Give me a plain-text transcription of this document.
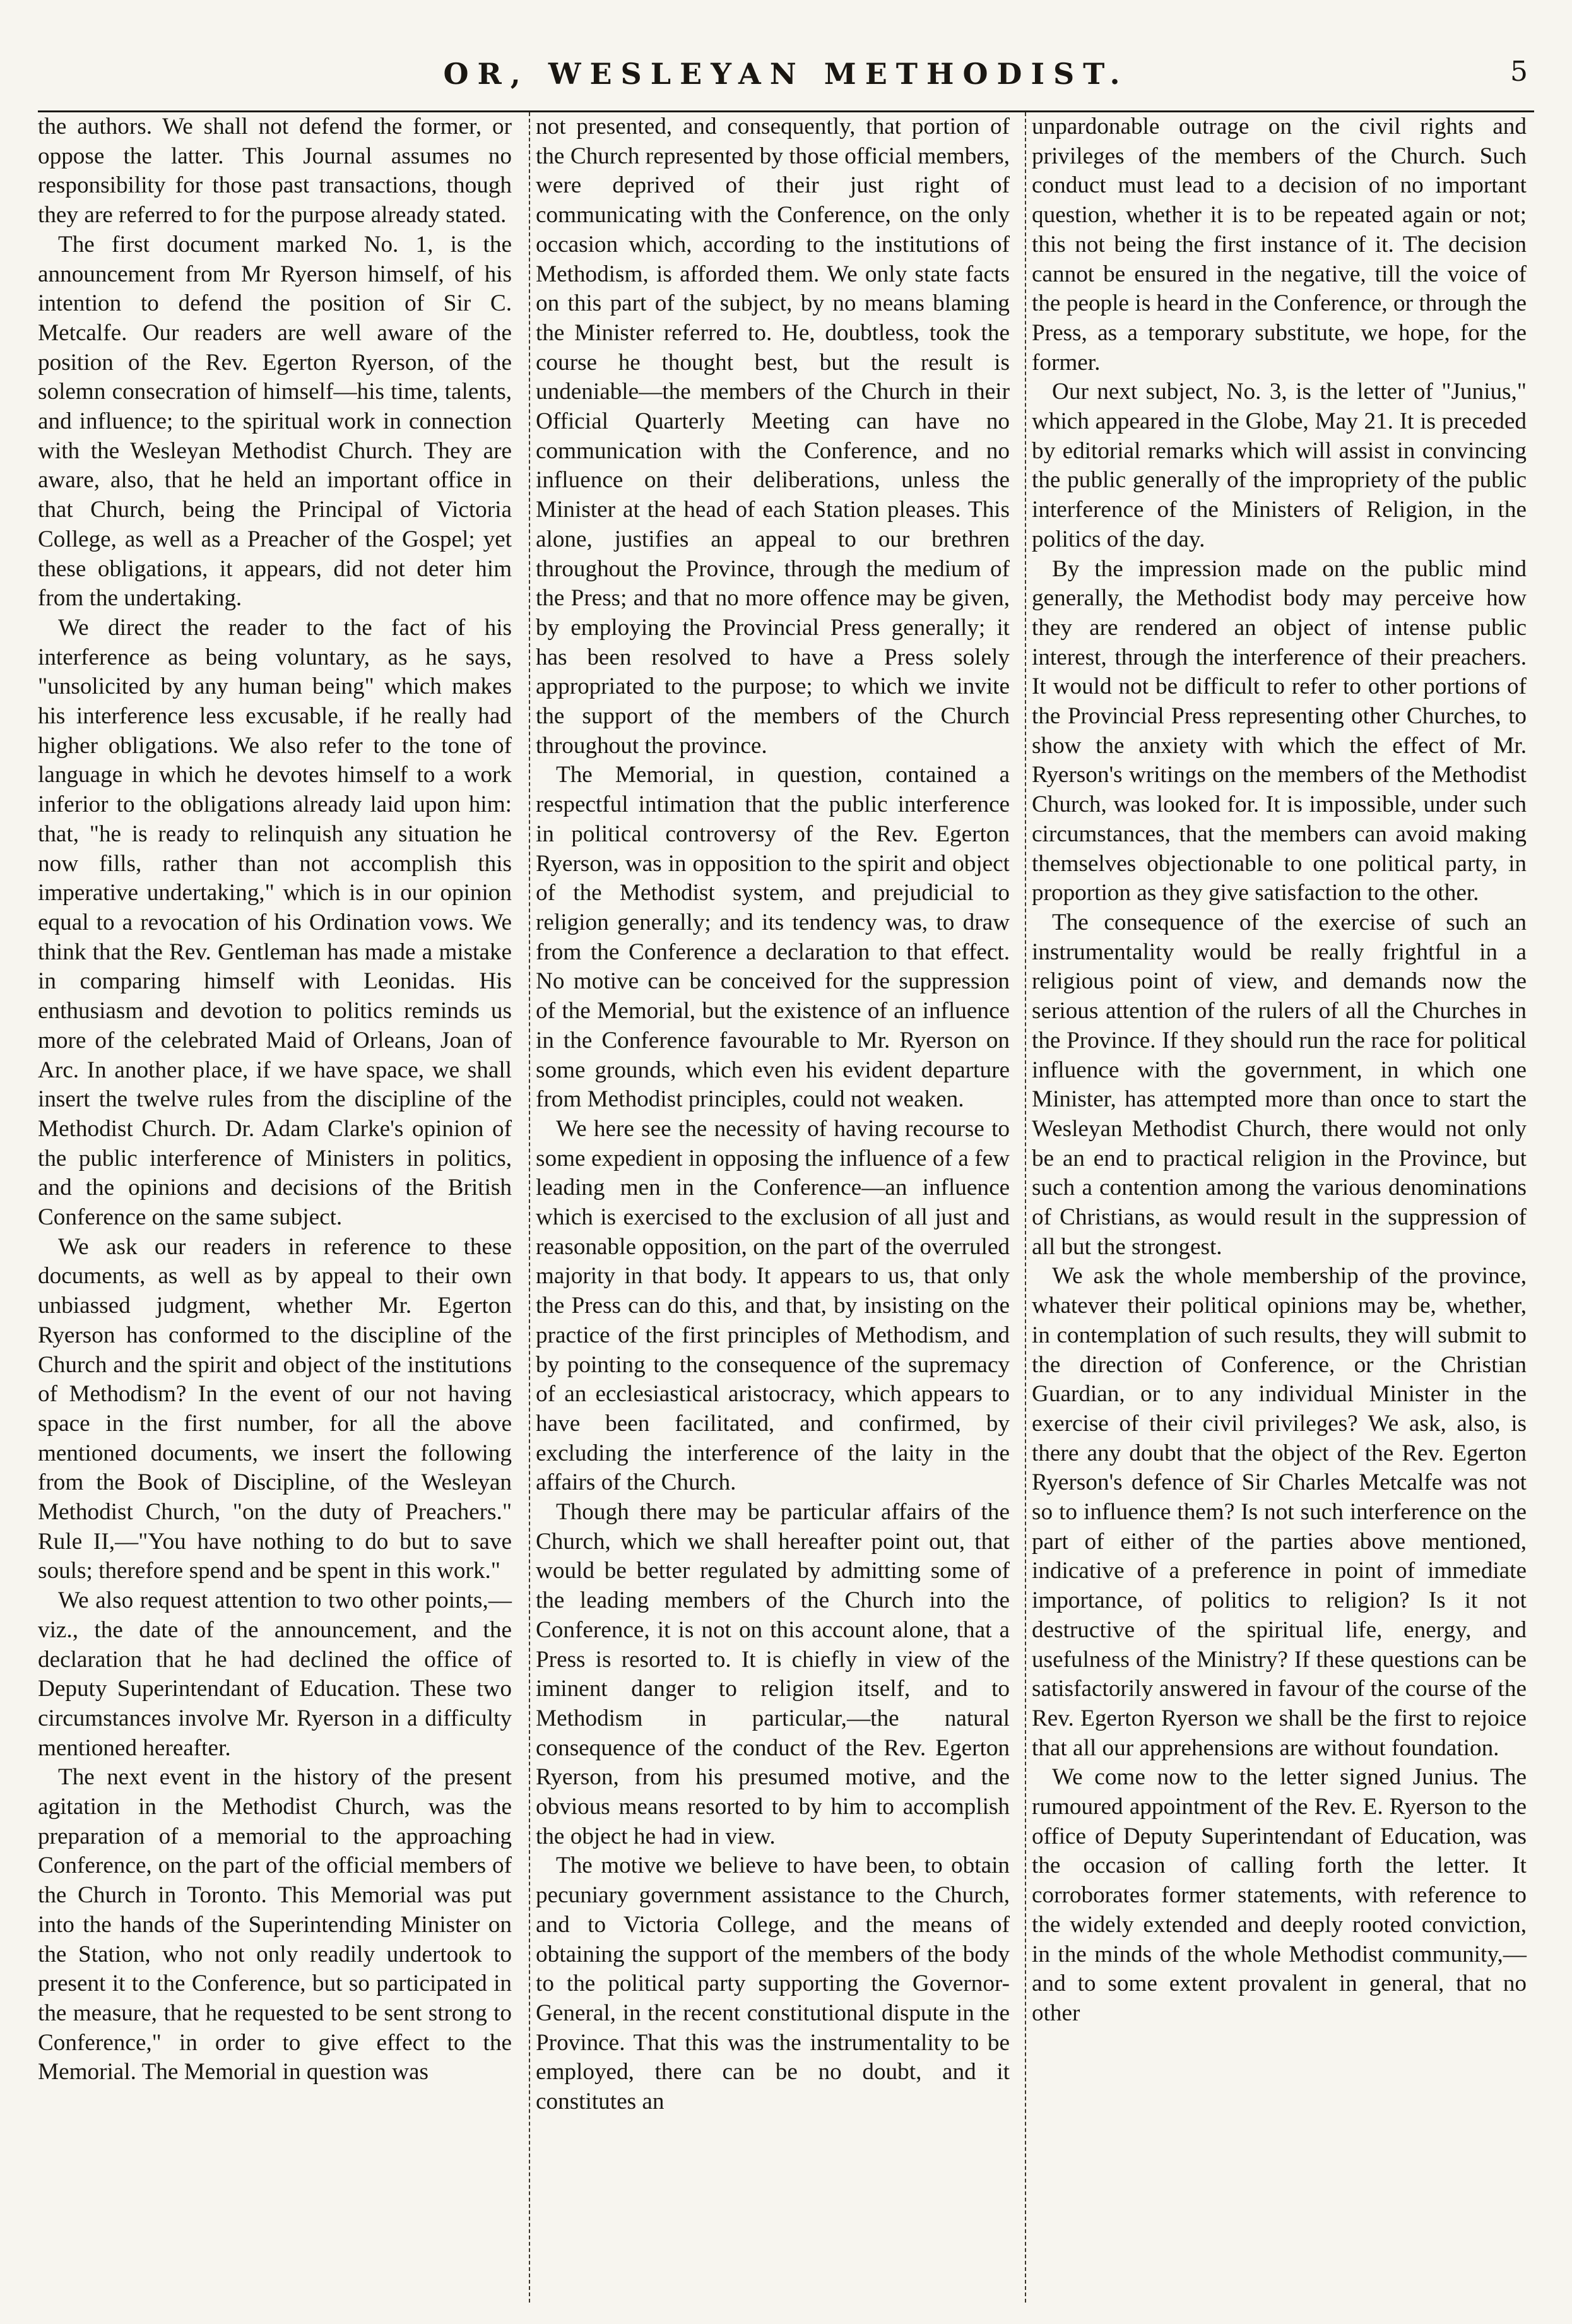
OR, WESLEYAN METHODIST.	5

the authors. We shall not defend the former, or oppose the latter. This Journal assumes no responsibility for those past transactions, though they are referred to for the purpose already stated.

The first document marked No. 1, is the announcement from Mr Ryerson himself, of his intention to defend the position of Sir C. Metcalfe. Our readers are well aware of the position of the Rev. Egerton Ryerson, of the solemn consecration of himself—his time, talents, and influence; to the spiritual work in connection with the Wesleyan Methodist Church. They are aware, also, that he held an important office in that Church, being the Principal of Victoria College, as well as a Preacher of the Gospel; yet these obligations, it appears, did not deter him from the undertaking.

We direct the reader to the fact of his interference as being voluntary, as he says, "unsolicited by any human being" which makes his interference less excusable, if he really had higher obligations. We also refer to the tone of language in which he devotes himself to a work inferior to the obligations already laid upon him: that, "he is ready to relinquish any situation he now fills, rather than not accomplish this imperative undertaking," which is in our opinion equal to a revocation of his Ordination vows. We think that the Rev. Gentleman has made a mistake in comparing himself with Leonidas. His enthusiasm and devotion to politics reminds us more of the celebrated Maid of Orleans, Joan of Arc. In another place, if we have space, we shall insert the twelve rules from the discipline of the Methodist Church. Dr. Adam Clarke's opinion of the public interference of Ministers in politics, and the opinions and decisions of the British Conference on the same subject.

We ask our readers in reference to these documents, as well as by appeal to their own unbiassed judgment, whether Mr. Egerton Ryerson has conformed to the discipline of the Church and the spirit and object of the institutions of Methodism? In the event of our not having space in the first number, for all the above mentioned documents, we insert the following from the Book of Discipline, of the Wesleyan Methodist Church, "on the duty of Preachers." Rule II,—"You have nothing to do but to save souls; therefore spend and be spent in this work."

We also request attention to two other points,—viz., the date of the announcement, and the declaration that he had declined the office of Deputy Superintendant of Education. These two circumstances involve Mr. Ryerson in a difficulty mentioned hereafter.

The next event in the history of the present agitation in the Methodist Church, was the preparation of a memorial to the approaching Conference, on the part of the official members of the Church in Toronto. This Memorial was put into the hands of the Superintending Minister on the Station, who not only readily undertook to present it to the Conference, but so participated in the measure, that he requested to be sent strong to Conference," in order to give effect to the Memorial. The Memorial in question was

not presented, and consequently, that portion of the Church represented by those official members, were deprived of their just right of communicating with the Conference, on the only occasion which, according to the institutions of Methodism, is afforded them. We only state facts on this part of the subject, by no means blaming the Minister referred to. He, doubtless, took the course he thought best, but the result is undeniable—the members of the Church in their Official Quarterly Meeting can have no communication with the Conference, and no influence on their deliberations, unless the Minister at the head of each Station pleases. This alone, justifies an appeal to our brethren throughout the Province, through the medium of the Press; and that no more offence may be given, by employing the Provincial Press generally; it has been resolved to have a Press solely appropriated to the purpose; to which we invite the support of the members of the Church throughout the province.

The Memorial, in question, contained a respectful intimation that the public interference in political controversy of the Rev. Egerton Ryerson, was in opposition to the spirit and object of the Methodist system, and prejudicial to religion generally; and its tendency was, to draw from the Conference a declaration to that effect. No motive can be conceived for the suppression of the Memorial, but the existence of an influence in the Conference favourable to Mr. Ryerson on some grounds, which even his evident departure from Methodist principles, could not weaken.

We here see the necessity of having recourse to some expedient in opposing the influence of a few leading men in the Conference—an influence which is exercised to the exclusion of all just and reasonable opposition, on the part of the overruled majority in that body. It appears to us, that only the Press can do this, and that, by insisting on the practice of the first principles of Methodism, and by pointing to the consequence of the supremacy of an ecclesiastical aristocracy, which appears to have been facilitated, and confirmed, by excluding the interference of the laity in the affairs of the Church.

Though there may be particular affairs of the Church, which we shall hereafter point out, that would be better regulated by admitting some of the leading members of the Church into the Conference, it is not on this account alone, that a Press is resorted to. It is chiefly in view of the iminent danger to religion itself, and to Methodism in particular,—the natural consequence of the conduct of the Rev. Egerton Ryerson, from his presumed motive, and the obvious means resorted to by him to accomplish the object he had in view.

The motive we believe to have been, to obtain pecuniary government assistance to the Church, and to Victoria College, and the means of obtaining the support of the members of the body to the political party supporting the Governor-General, in the recent constitutional dispute in the Province. That this was the instrumentality to be employed, there can be no doubt, and it constitutes an

unpardonable outrage on the civil rights and privileges of the members of the Church. Such conduct must lead to a decision of no important question, whether it is to be repeated again or not; this not being the first instance of it. The decision cannot be ensured in the negative, till the voice of the people is heard in the Conference, or through the Press, as a temporary substitute, we hope, for the former.

Our next subject, No. 3, is the letter of "Junius," which appeared in the Globe, May 21. It is preceded by editorial remarks which will assist in convincing the public generally of the impropriety of the public interference of the Ministers of Religion, in the politics of the day.

By the impression made on the public mind generally, the Methodist body may perceive how they are rendered an object of intense public interest, through the interference of their preachers. It would not be difficult to refer to other portions of the Provincial Press representing other Churches, to show the anxiety with which the effect of Mr. Ryerson's writings on the members of the Methodist Church, was looked for. It is impossible, under such circumstances, that the members can avoid making themselves objectionable to one political party, in proportion as they give satisfaction to the other.

The consequence of the exercise of such an instrumentality would be really frightful in a religious point of view, and demands now the serious attention of the rulers of all the Churches in the Province. If they should run the race for political influence with the government, in which one Minister, has attempted more than once to start the Wesleyan Methodist Church, there would not only be an end to practical religion in the Province, but such a contention among the various denominations of Christians, as would result in the suppression of all but the strongest.

We ask the whole membership of the province, whatever their political opinions may be, whether, in contemplation of such results, they will submit to the direction of Conference, or the Christian Guardian, or to any individual Minister in the exercise of their civil privileges? We ask, also, is there any doubt that the object of the Rev. Egerton Ryerson's defence of Sir Charles Metcalfe was not so to influence them? Is not such interference on the part of either of the parties above mentioned, indicative of a preference in point of immediate importance, of politics to religion? Is it not destructive of the spiritual life, energy, and usefulness of the Ministry? If these questions can be satisfactorily answered in favour of the course of the Rev. Egerton Ryerson we shall be the first to rejoice that all our apprehensions are without foundation.

We come now to the letter signed Junius. The rumoured appointment of the Rev. E. Ryerson to the office of Deputy Superintendant of Education, was the occasion of calling forth the letter. It corroborates former statements, with reference to the widely extended and deeply rooted conviction, in the minds of the whole Methodist community,—and to some extent provalent in general, that no other
